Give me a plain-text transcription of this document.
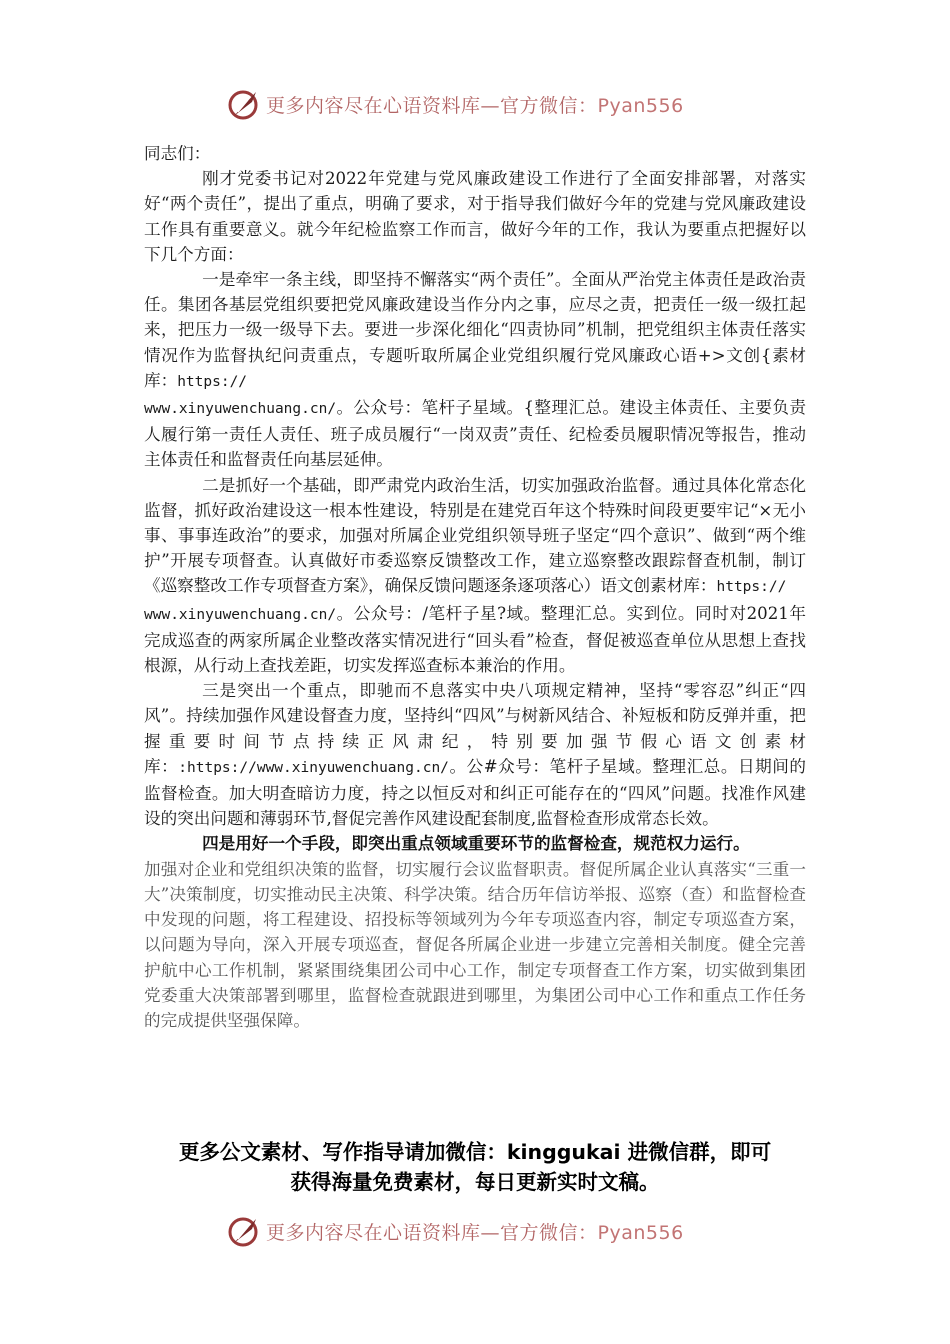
更多内容尽在心语资料库—官方微信：Pyan556

同志们：

刚才党委书记对2022年党建与党风廉政建设工作进行了全面安排部署，对落实好“两个责任”，提出了重点，明确了要求，对于指导我们做好今年的党建与党风廉政建设工作具有重要意义。就今年纪检监察工作而言，做好今年的工作，我认为要重点把握好以下几个方面：

一是牵牢一条主线，即坚持不懈落实“两个责任”。全面从严治党主体责任是政治责任。集团各基层党组织要把党风廉政建设当作分内之事，应尽之责，把责任一级一级扛起来，把压力一级一级导下去。要进一步深化细化“四责协同”机制，把党组织主体责任落实情况作为监督执纪问责重点，专题听取所属企业党组织履行党风廉政心语+>文创{素材库：https://
www.xinyuwenchuang.cn/。公众号：笔杆子星域。{整理汇总。建设主体责任、主要负责人履行第一责任人责任、班子成员履行“一岗双责”责任、纪检委员履职情况等报告，推动主体责任和监督责任向基层延伸。

二是抓好一个基础，即严肃党内政治生活，切实加强政治监督。通过具体化常态化监督，抓好政治建设这一根本性建设，特别是在建党百年这个特殊时间段更要牢记“×无小事、事事连政治”的要求，加强对所属企业党组织领导班子坚定“四个意识”、做到“两个维护”开展专项督查。认真做好市委巡察反馈整改工作，建立巡察整改跟踪督查机制，制订《巡察整改工作专项督查方案》，确保反馈问题逐条逐项落心）语文创素材库：https://
www.xinyuwenchuang.cn/。公众号：/笔杆子星?域。整理汇总。实到位。同时对2021年完成巡查的两家所属企业整改落实情况进行“回头看”检查，督促被巡查单位从思想上查找根源，从行动上查找差距，切实发挥巡查标本兼治的作用。

三是突出一个重点，即驰而不息落实中央八项规定精神，坚持“零容忍”纠正“四风”。持续加强作风建设督查力度，坚持纠“四风”与树新风结合、补短板和防反弹并重，把握重要时间节点持续正风肃纪，特别要加强节假心语文创素材库：:https://www.xinyuwenchuang.cn/。公#众号：笔杆子星域。整理汇总。日期间的监督检查。加大明查暗访力度，持之以恒反对和纠正可能存在的“四风”问题。找准作风建设的突出问题和薄弱环节,督促完善作风建设配套制度,监督检查形成常态长效。

四是用好一个手段，即突出重点领域重要环节的监督检查，规范权力运行。

加强对企业和党组织决策的监督，切实履行会议监督职责。督促所属企业认真落实“三重一大”决策制度，切实推动民主决策、科学决策。结合历年信访举报、巡察（查）和监督检查中发现的问题，将工程建设、招投标等领域列为今年专项巡查内容，制定专项巡查方案，以问题为导向，深入开展专项巡查，督促各所属企业进一步建立完善相关制度。健全完善护航中心工作机制，紧紧围绕集团公司中心工作，制定专项督查工作方案，切实做到集团党委重大决策部署到哪里，监督检查就跟进到哪里，为集团公司中心工作和重点工作任务的完成提供坚强保障。

更多公文素材、写作指导请加微信：kinggukai 进微信群，即可
获得海量免费素材，每日更新实时文稿。
更多内容尽在心语资料库—官方微信：Pyan556
